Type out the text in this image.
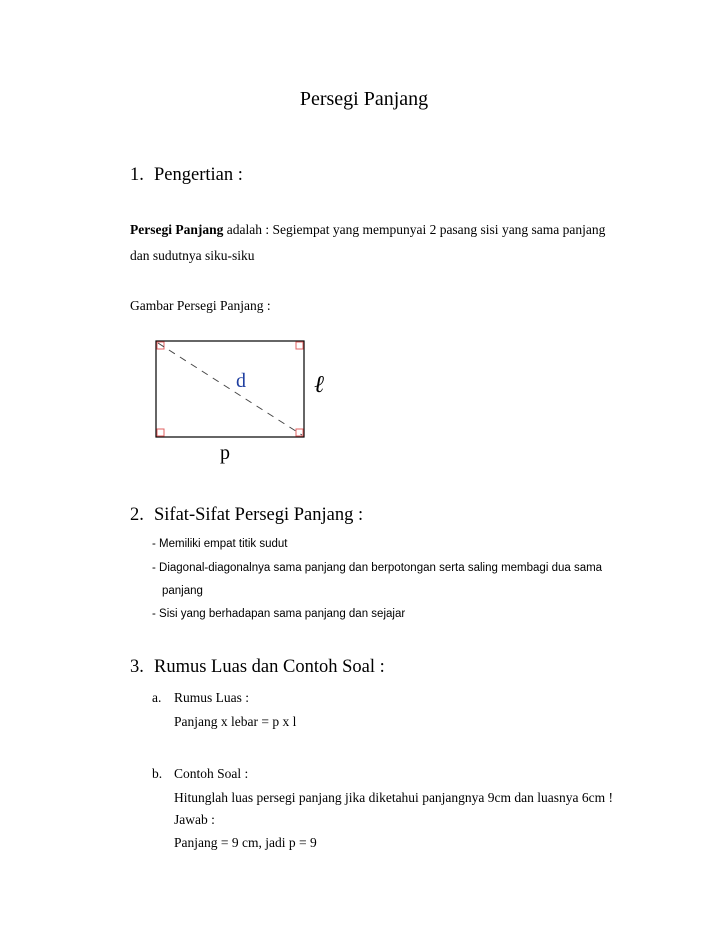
Persegi Panjang
1. Pengertian :
Persegi Panjang adalah : Segiempat yang mempunyai 2 pasang sisi yang sama panjang
dan sudutnya siku-siku
Gambar Persegi Panjang :
d	ℓ
p
2. Sifat-Sifat Persegi Panjang :
- Memiliki empat titik sudut
- Diagonal-diagonalnya sama panjang dan berpotongan serta saling membagi dua sama
panjang
- Sisi yang berhadapan sama panjang dan sejajar
3. Rumus Luas dan Contoh Soal :
a. Rumus Luas :
Panjang x lebar = p x l
b. Contoh Soal :
Hitunglah luas persegi panjang jika diketahui panjangnya 9cm dan luasnya 6cm !
Jawab :
Panjang = 9 cm, jadi p = 9
